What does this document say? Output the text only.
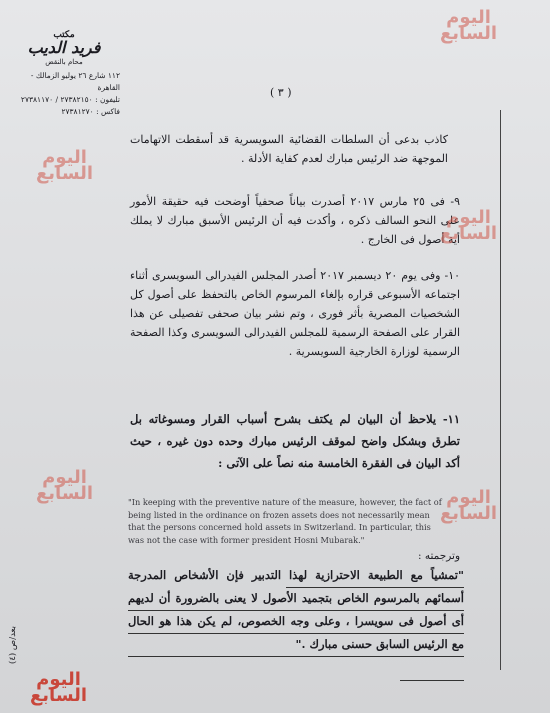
مكتب
فريد الديب
محام بالنقض
١١٢ شارع ٢٦ يوليو الزمالك - القاهرة
تليفون : ٢٧٣٨٢١٥٠ / ٢٧٣٨١١٧٠
فاكس : ٢٧٣٨١٢٧٠
( ٣ )
كاذب بدعى أن السلطات القضائية السويسرية قد أسقطت الاتهامات الموجهة ضد الرئيس مبارك لعدم كفاية الأدلة .
٩- فى ٢٥ مارس ٢٠١٧ أصدرت بياناً صحفياً أوضحت فيه حقيقة الأمور على النحو السالف ذكره ، وأكدت فيه أن الرئيس الأسبق مبارك لا يملك أية أصول فى الخارج .
١٠- وفى يوم ٢٠ ديسمبر ٢٠١٧ أصدر المجلس الفيدرالى السويسرى أثناء اجتماعه الأسبوعى قراره بإلغاء المرسوم الخاص بالتحفظ على أصول كل الشخصيات المصرية بأثر فورى ، وتم نشر بيان صحفى تفصيلى عن هذا القرار على الصفحة الرسمية للمجلس الفيدرالى السويسرى وكذا الصفحة الرسمية لوزارة الخارجية السويسرية .
١١- يلاحظ أن البيان لم يكتف بشرح أسباب القرار ومسوغاته بل تطرق وبشكل واضح لموقف الرئيس مبارك وحده دون غيره ، حيث أكد البيان فى الفقرة الخامسة منه نصاً على الآتى :
"In keeping with the preventive nature of the measure, however, the fact of being listed in the ordinance on frozen assets does not necessarily mean that the persons concerned hold assets in Switzerland. In particular, this was not the case with former president Hosni Mubarak."
وترجمته :
"تمشياً مع الطبيعة الاحترازية لهذا التدبير فإن الأشخاص المدرجة أسمائهم بالمرسوم الخاص بتجميد الأصول لا يعنى بالضرورة أن لديهم أى أصول فى سويسرا ، وعلى وجه الخصوص، لم يكن هذا هو الحال مع الرئيس السابق حسنى مبارك ."
بعد/ص (٤)
اليوم
السابع
اليوم
السابع
اليوم
السابع
اليوم
السابع	اليوم
السابع
اليوم
السابع
